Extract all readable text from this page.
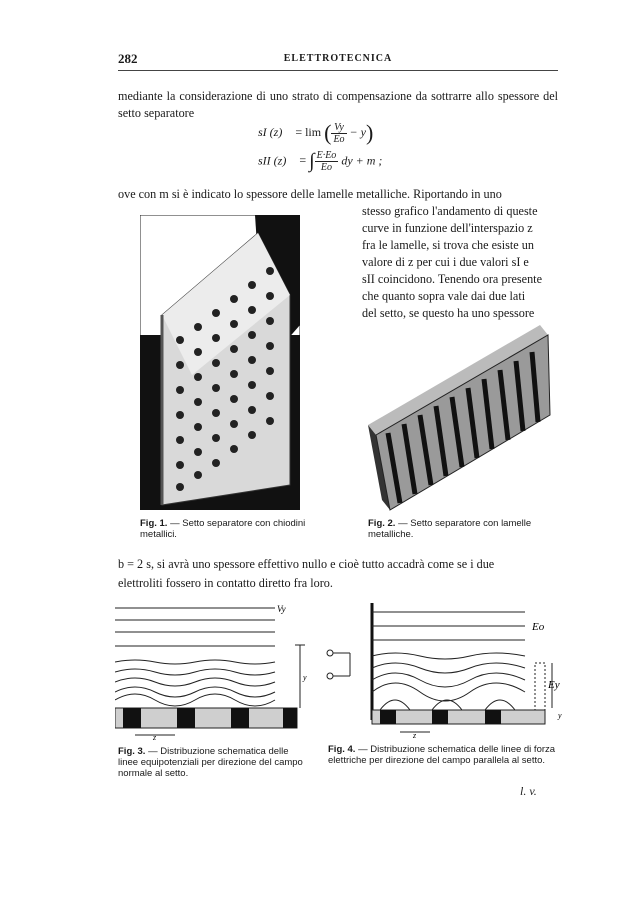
282	ELETTROTECNICA

mediante la considerazione di uno strato di compensazione da sottrarre allo spessore del setto separatore

sI (z) = lim ( $\frac{Vy}{Eo} - y$)
sII (z) = ∫ $\frac{E\cdot Eo}{Eo}$ dy + m ;

ove con m si è indicato lo spessore delle lamelle metalliche. Riportando in uno

stesso grafico l'andamento di queste
curve in funzione dell'interspazio z
fra le lamelle, si trova che esiste un
valore di z per cui i due valori sI e
sII coincidono. Tenendo ora presente
che quanto sopra vale dai due lati
del setto, se questo ha uno spessore
Fig. 1. — Setto separatore con chiodini metallici.
Fig. 2. — Setto separatore con lamelle metalliche.

b = 2 s, si avrà uno spessore effettivo nullo e cioè tutto accadrà come se i due

elettroliti fossero in contatto diretto fra loro.

Vy
y
z
Fig. 3. — Distribuzione schematica delle linee equipotenziali per direzione del campo normale al setto.
Eo
Ey
y
z
Fig. 4. — Distribuzione schematica delle linee di forza elettriche per direzione del campo parallela al setto.
l. v.
